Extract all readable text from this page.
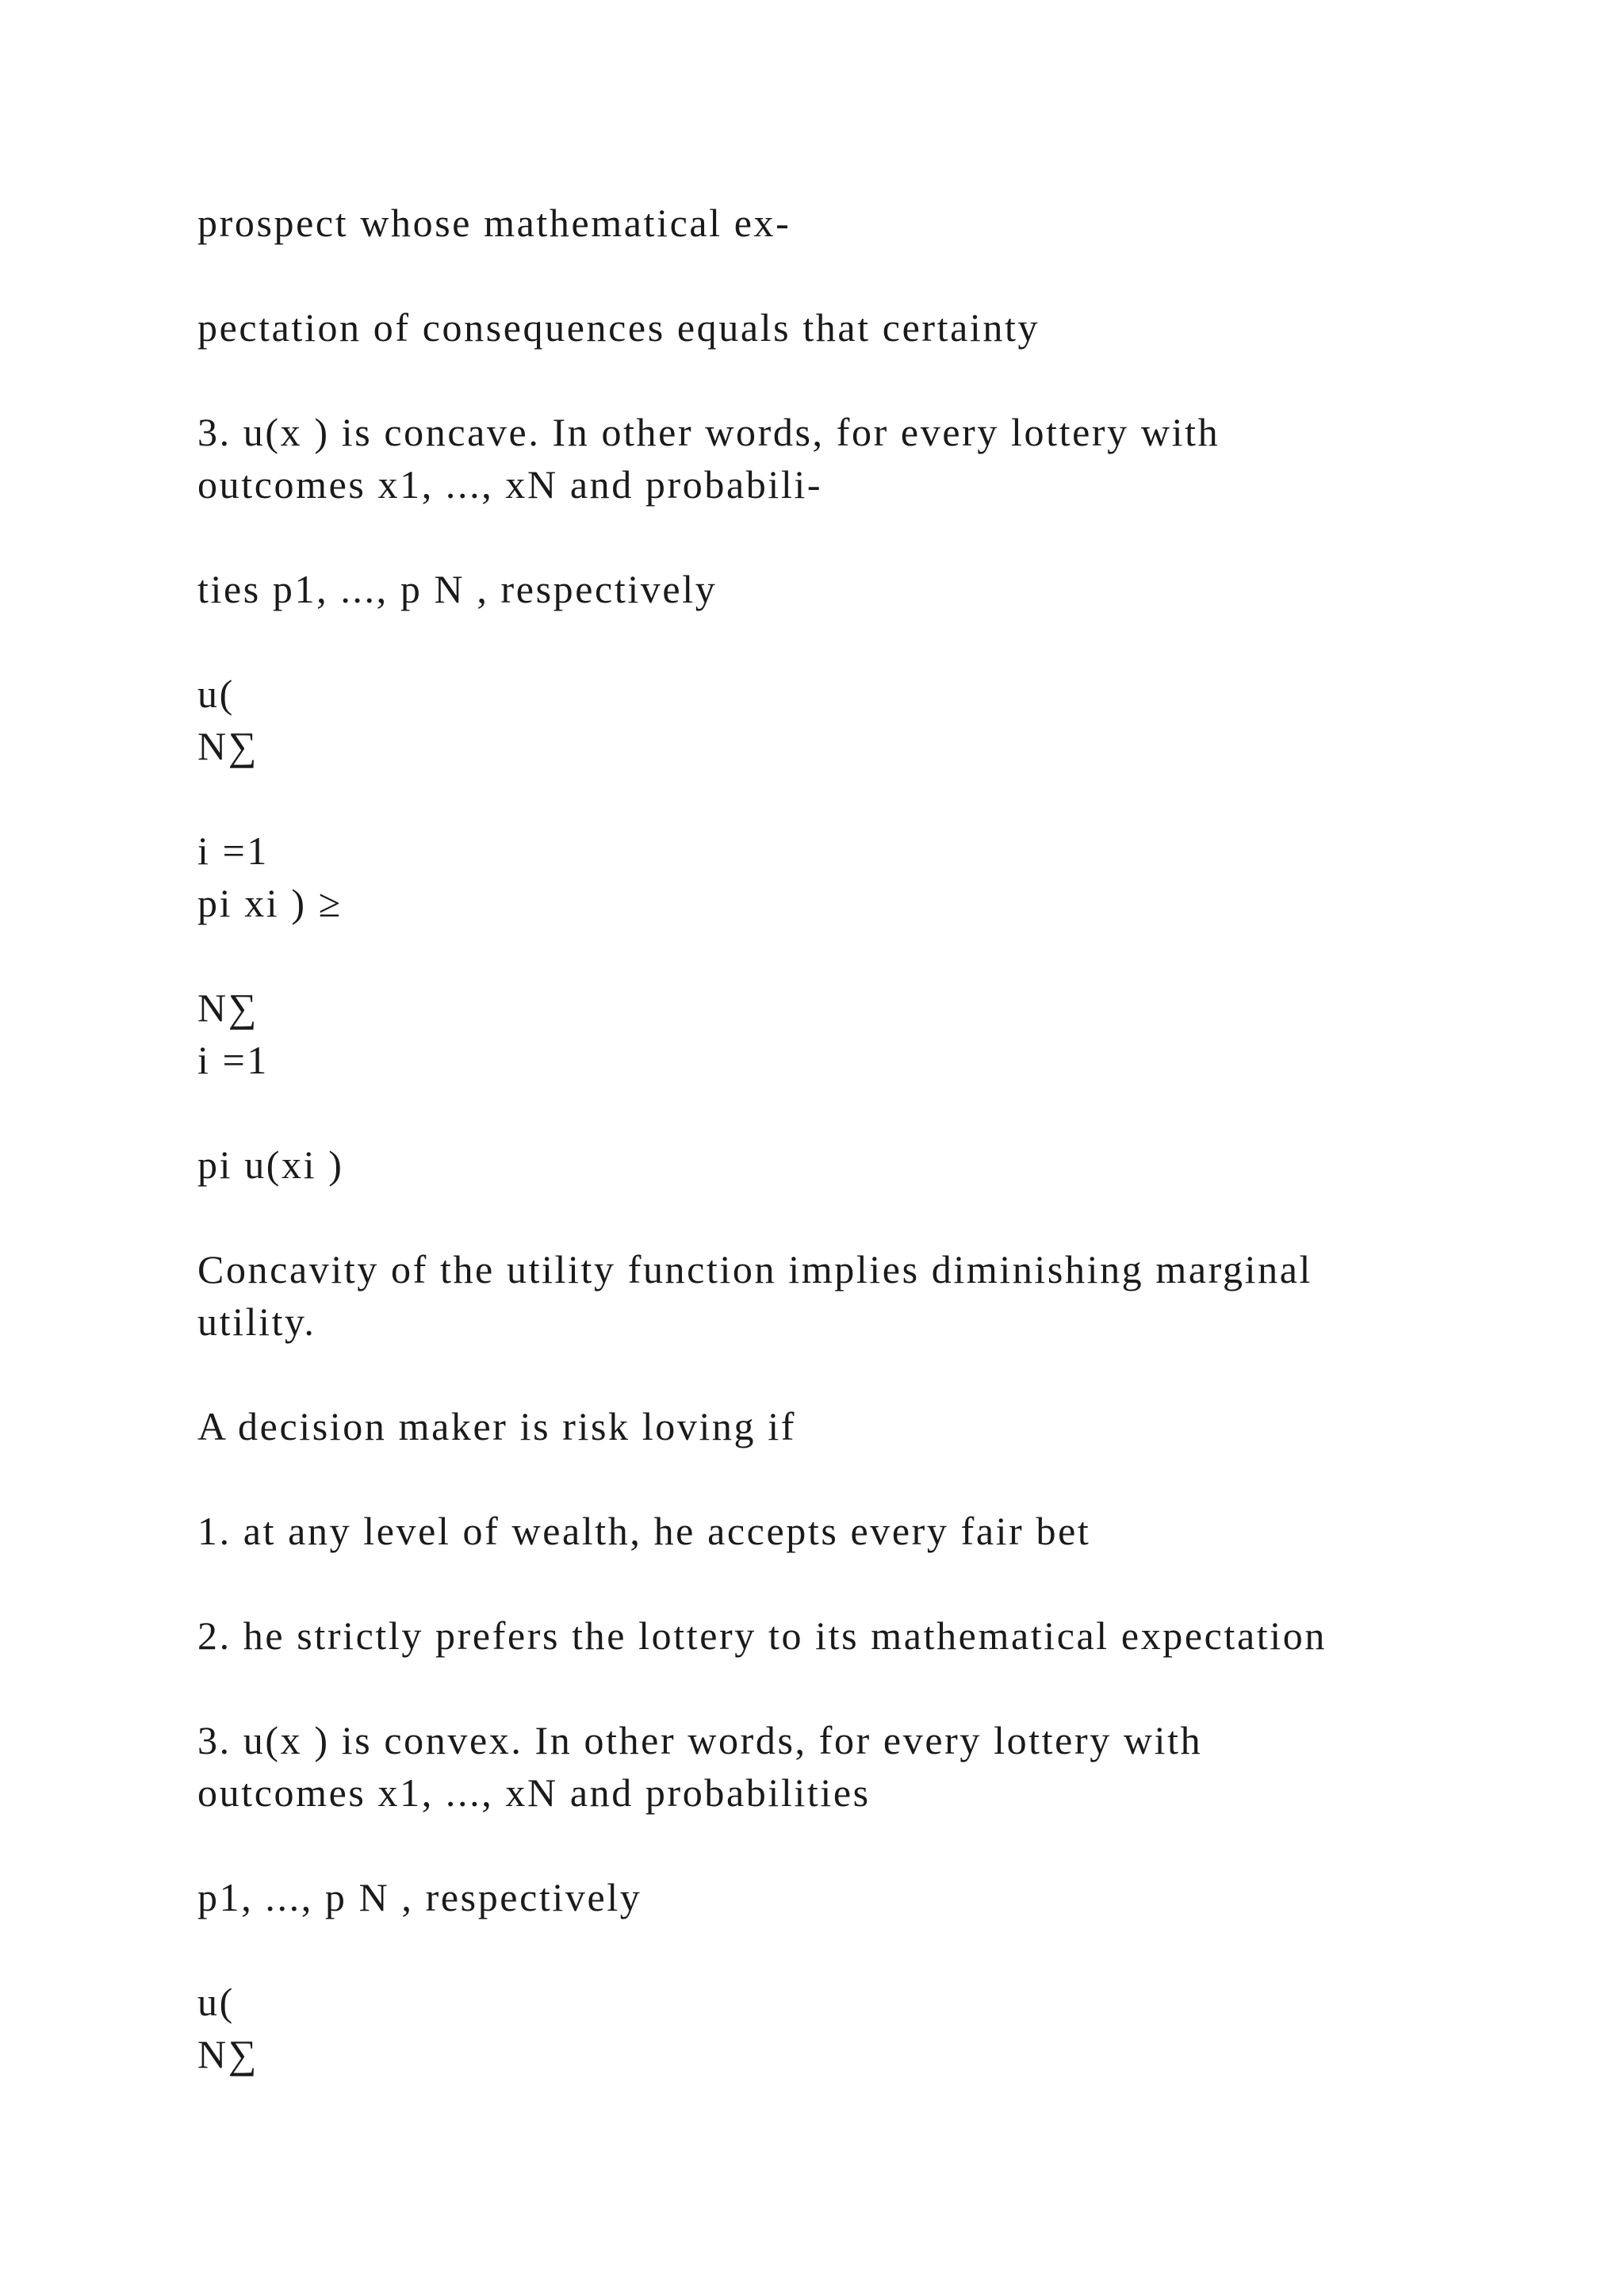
prospect whose mathematical ex-
pectation of consequences equals that certainty
3. u(x ) is concave. In other words, for every lottery with
outcomes x1, ..., xN and probabili-
ties p1, ..., p N , respectively
u(
N∑
i =1
pi xi ) ≥
N∑
i =1
pi u(xi )
Concavity of the utility function implies diminishing marginal
utility.
A decision maker is risk loving if
1. at any level of wealth, he accepts every fair bet
2. he strictly prefers the lottery to its mathematical expectation
3. u(x ) is convex. In other words, for every lottery with
outcomes x1, ..., xN and probabilities
p1, ..., p N , respectively
u(
N∑
